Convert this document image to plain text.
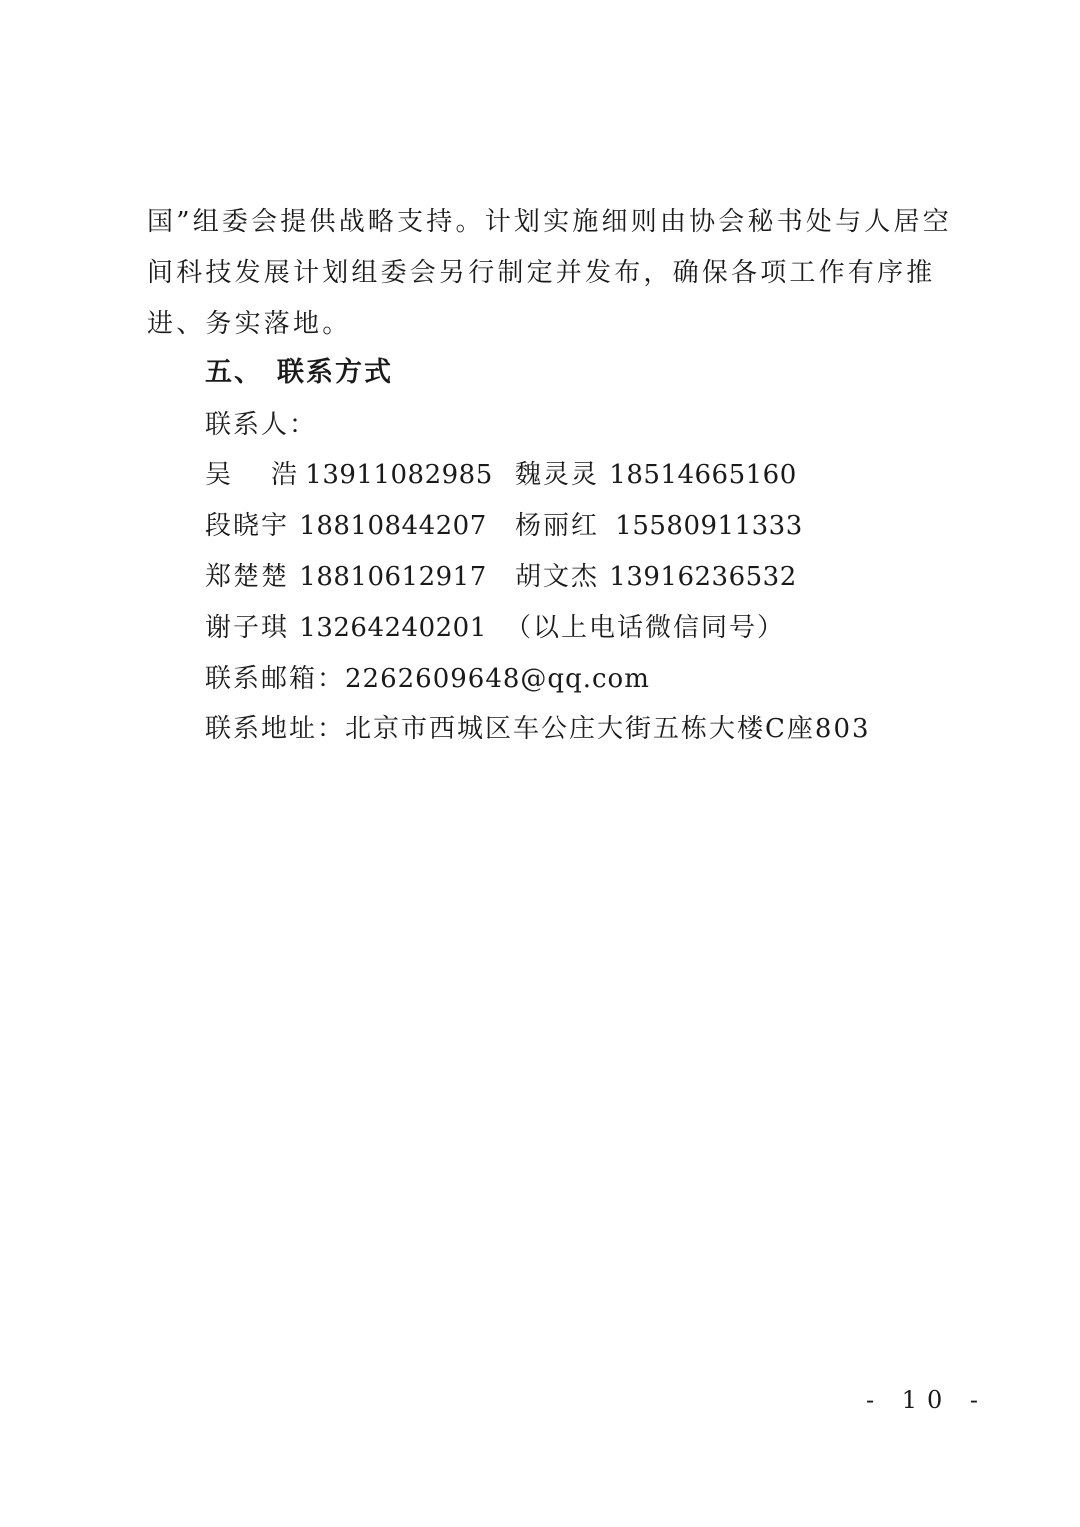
国”组委会提供战略支持。计划实施细则由协会秘书处与人居空
间科技发展计划组委会另行制定并发布，确保各项工作有序推
进、务实落地。
五、 联系方式
联系人：
吴 浩 13911082985 魏灵灵 18514665160
段晓宇 18810844207 杨丽红 15580911333
郑楚楚 18810612917 胡文杰 13916236532
谢子琪 13264240201 （以上电话微信同号）
联系邮箱：2262609648@qq.com
联系地址：北京市西城区车公庄大街五栋大楼C座803
- 10 -
